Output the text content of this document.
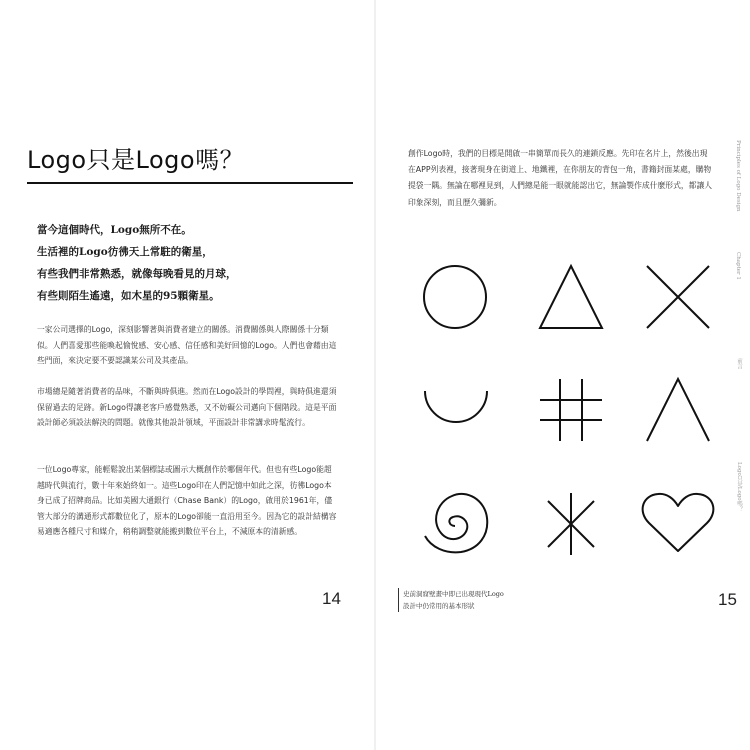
Logo只是Logo嗎？
當今這個時代，Logo無所不在。
生活裡的Logo彷彿天上常駐的衛星，
有些我們非常熟悉，就像每晚看見的月球，
有些則陌生遙遠，如木星的95顆衛星。

一家公司選擇的Logo，深刻影響著與消費者建立的關係。消費關係與人際關係十分類似。人們喜愛那些能喚起愉悅感、安心感、信任感和美好回憶的Logo。人們也會藉由這些門面，來決定要不要認識某公司及其產品。

市場總是隨著消費者的品味，不斷與時俱進。然而在Logo設計的學問裡，與時俱進還須保留過去的足跡。新Logo得讓老客戶感覺熟悉，又不妨礙公司邁向下個階段。這是平面設計師必須設法解決的問題。就像其他設計領域，平面設計非常講求時髦流行。

一位Logo專家，能輕鬆說出某個標誌或圖示大概創作於哪個年代。但也有些Logo能超越時代與流行，數十年來始終如一。這些Logo印在人們記憶中如此之深，彷彿Logo本身已成了招牌商品。比如美國大通銀行（Chase Bank）的Logo，啟用於1961年，儘管大部分的溝通形式都數位化了，原本的Logo卻能一直沿用至今。因為它的設計結構容易適應各種尺寸和媒介，稍稍調整就能搬到數位平台上，不減原本的清新感。

14

創作Logo時，我們的目標是開啟一串簡單而長久的連鎖反應。先印在名片上，然後出現在APP列表裡，接著現身在街道上、地鐵裡，在你朋友的背包一角，書籍封面某處，購物提袋一隅。無論在哪裡見到，人們總是能一眼就能認出它，無論製作成什麼形式，都讓人印象深刻，而且歷久彌新。	Principles of Logo Design
Chapter 1
前言
Logo只是Logo嗎？
史前洞窟壁畫中即已出現現代Logo
設計中仍常用的基本形狀	15
